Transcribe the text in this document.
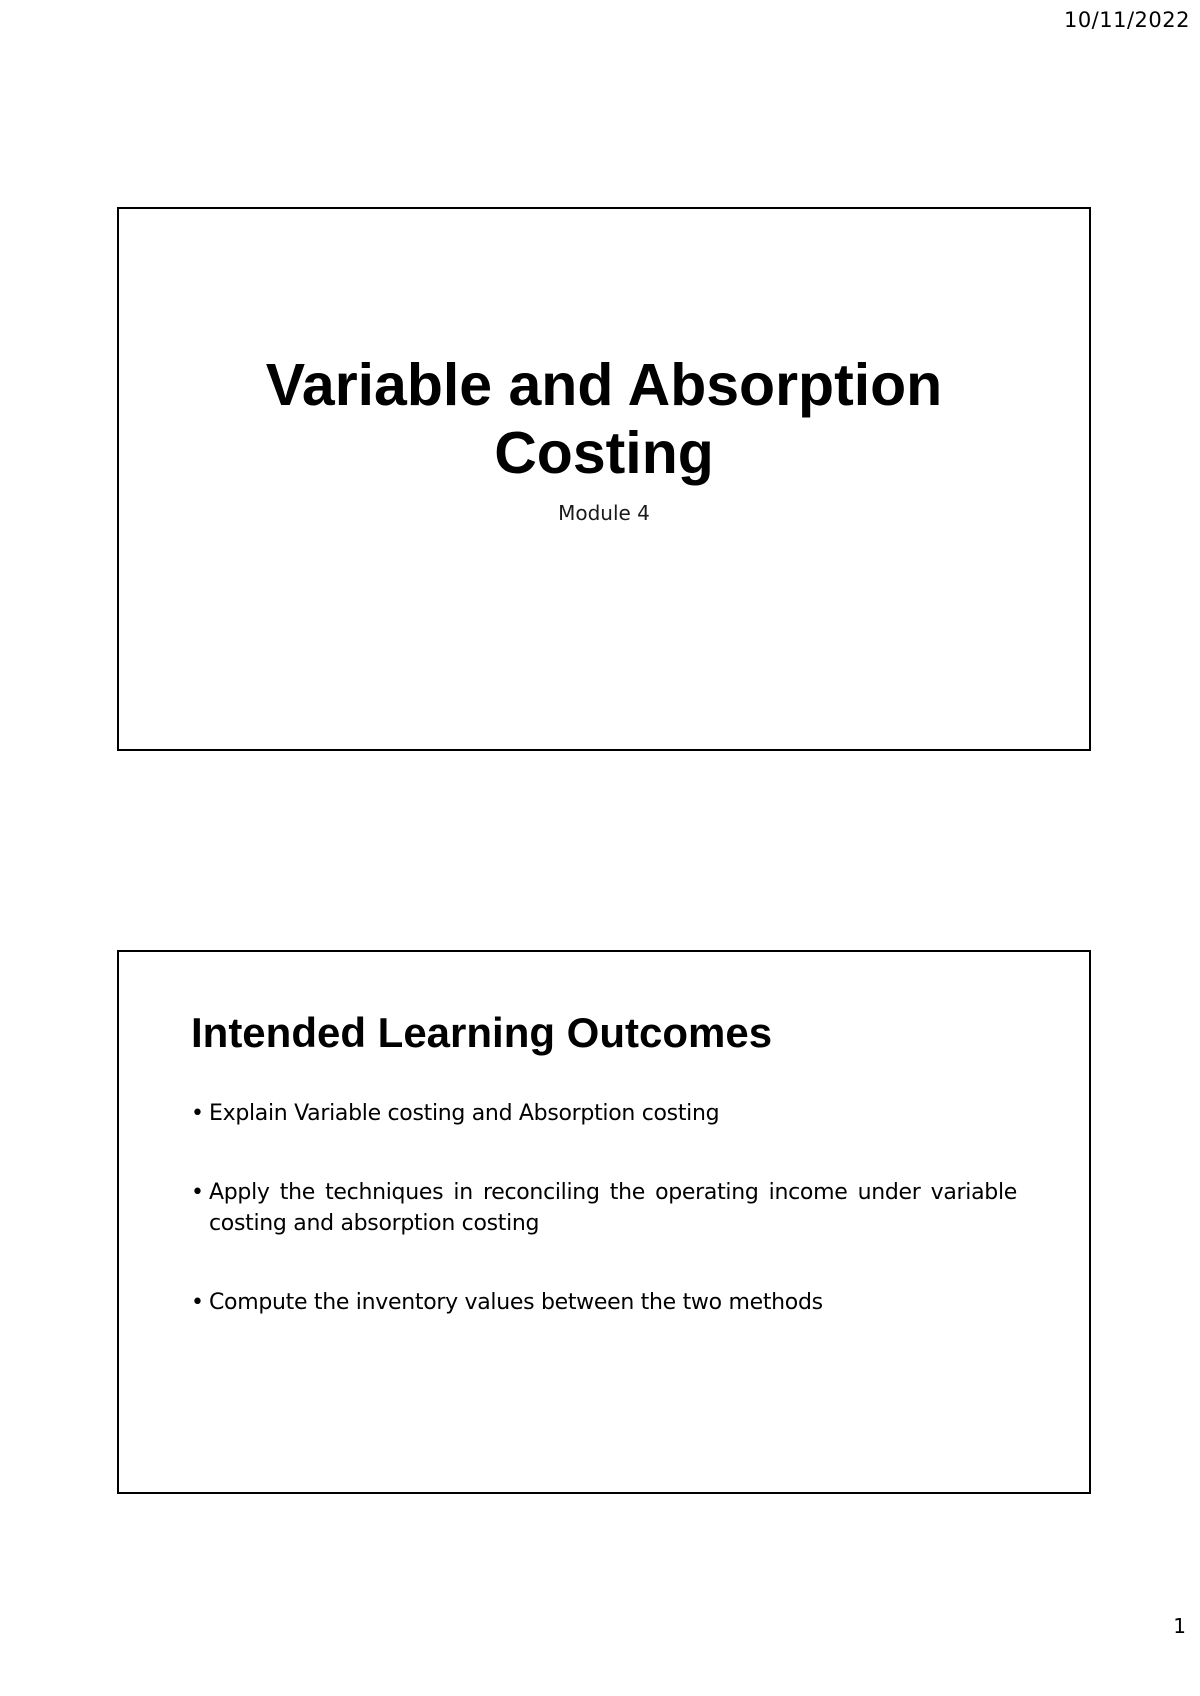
10/11/2022
Variable and Absorption
Costing
Module 4
Intended Learning Outcomes
• Explain Variable costing and Absorption costing
• Apply the techniques in reconciling the operating income under variable costing and absorption costing
• Compute the inventory values between the two methods
1
